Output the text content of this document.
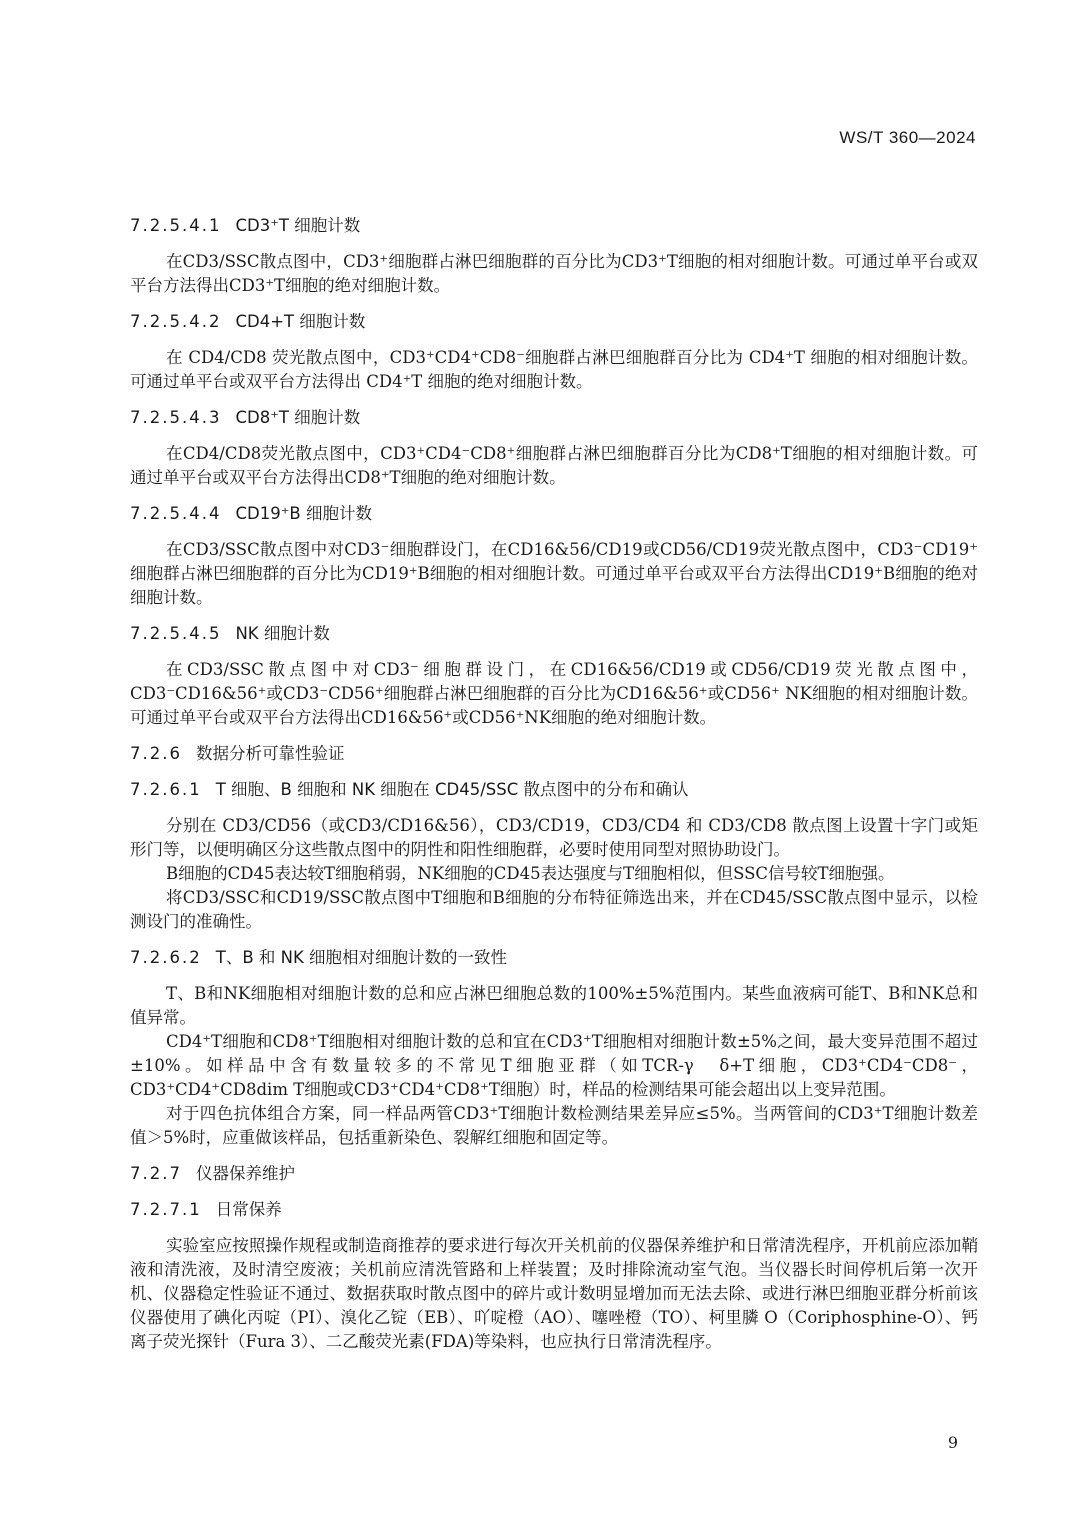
WS/T 360—2024
7.2.5.4.1 CD3⁺T 细胞计数
在CD3/SSC散点图中，CD3⁺细胞群占淋巴细胞群的百分比为CD3⁺T细胞的相对细胞计数。可通过单平台或双平台方法得出CD3⁺T细胞的绝对细胞计数。
7.2.5.4.2 CD4+T 细胞计数
在 CD4/CD8 荧光散点图中，CD3⁺CD4⁺CD8⁻细胞群占淋巴细胞群百分比为 CD4⁺T 细胞的相对细胞计数。可通过单平台或双平台方法得出 CD4⁺T 细胞的绝对细胞计数。
7.2.5.4.3 CD8⁺T 细胞计数
在CD4/CD8荧光散点图中，CD3⁺CD4⁻CD8⁺细胞群占淋巴细胞群百分比为CD8⁺T细胞的相对细胞计数。可通过单平台或双平台方法得出CD8⁺T细胞的绝对细胞计数。
7.2.5.4.4 CD19⁺B 细胞计数
在CD3/SSC散点图中对CD3⁻细胞群设门，在CD16&56/CD19或CD56/CD19荧光散点图中，CD3⁻CD19⁺细胞群占淋巴细胞群的百分比为CD19⁺B细胞的相对细胞计数。可通过单平台或双平台方法得出CD19⁺B细胞的绝对细胞计数。
7.2.5.4.5 NK 细胞计数
在CD3/SSC散点图中对CD3⁻细胞群设门，在CD16&56/CD19或CD56/CD19荧光散点图中，CD3⁻CD16&56⁺或CD3⁻CD56⁺细胞群占淋巴细胞群的百分比为CD16&56⁺或CD56⁺ NK细胞的相对细胞计数。可通过单平台或双平台方法得出CD16&56⁺或CD56⁺NK细胞的绝对细胞计数。
7.2.6 数据分析可靠性验证
7.2.6.1 T 细胞、B 细胞和 NK 细胞在 CD45/SSC 散点图中的分布和确认
分别在 CD3/CD56（或CD3/CD16&56），CD3/CD19，CD3/CD4 和 CD3/CD8 散点图上设置十字门或矩形门等，以便明确区分这些散点图中的阴性和阳性细胞群，必要时使用同型对照协助设门。
B细胞的CD45表达较T细胞稍弱，NK细胞的CD45表达强度与T细胞相似，但SSC信号较T细胞强。
将CD3/SSC和CD19/SSC散点图中T细胞和B细胞的分布特征筛选出来，并在CD45/SSC散点图中显示，以检测设门的准确性。
7.2.6.2 T、B 和 NK 细胞相对细胞计数的一致性
T、B和NK细胞相对细胞计数的总和应占淋巴细胞总数的100%±5%范围内。某些血液病可能T、B和NK总和值异常。
CD4⁺T细胞和CD8⁺T细胞相对细胞计数的总和宜在CD3⁺T细胞相对细胞计数±5%之间，最大变异范围不超过±10%。如样品中含有数量较多的不常见T细胞亚群（如TCR-γ　δ+T细胞，CD3⁺CD4⁻CD8⁻，CD3⁺CD4⁺CD8dim T细胞或CD3⁺CD4⁺CD8⁺T细胞）时，样品的检测结果可能会超出以上变异范围。
对于四色抗体组合方案，同一样品两管CD3⁺T细胞计数检测结果差异应≤5%。当两管间的CD3⁺T细胞计数差值＞5%时，应重做该样品，包括重新染色、裂解红细胞和固定等。
7.2.7 仪器保养维护
7.2.7.1 日常保养
实验室应按照操作规程或制造商推荐的要求进行每次开关机前的仪器保养维护和日常清洗程序，开机前应添加鞘液和清洗液，及时清空废液；关机前应清洗管路和上样装置；及时排除流动室气泡。当仪器长时间停机后第一次开机、仪器稳定性验证不通过、数据获取时散点图中的碎片或计数明显增加而无法去除、或进行淋巴细胞亚群分析前该仪器使用了碘化丙啶（PI）、溴化乙锭（EB）、吖啶橙（AO）、噻唑橙（TO）、柯里膦 O（Coriphosphine-O）、钙离子荧光探针（Fura 3）、二乙酸荧光素(FDA)等染料，也应执行日常清洗程序。
9
